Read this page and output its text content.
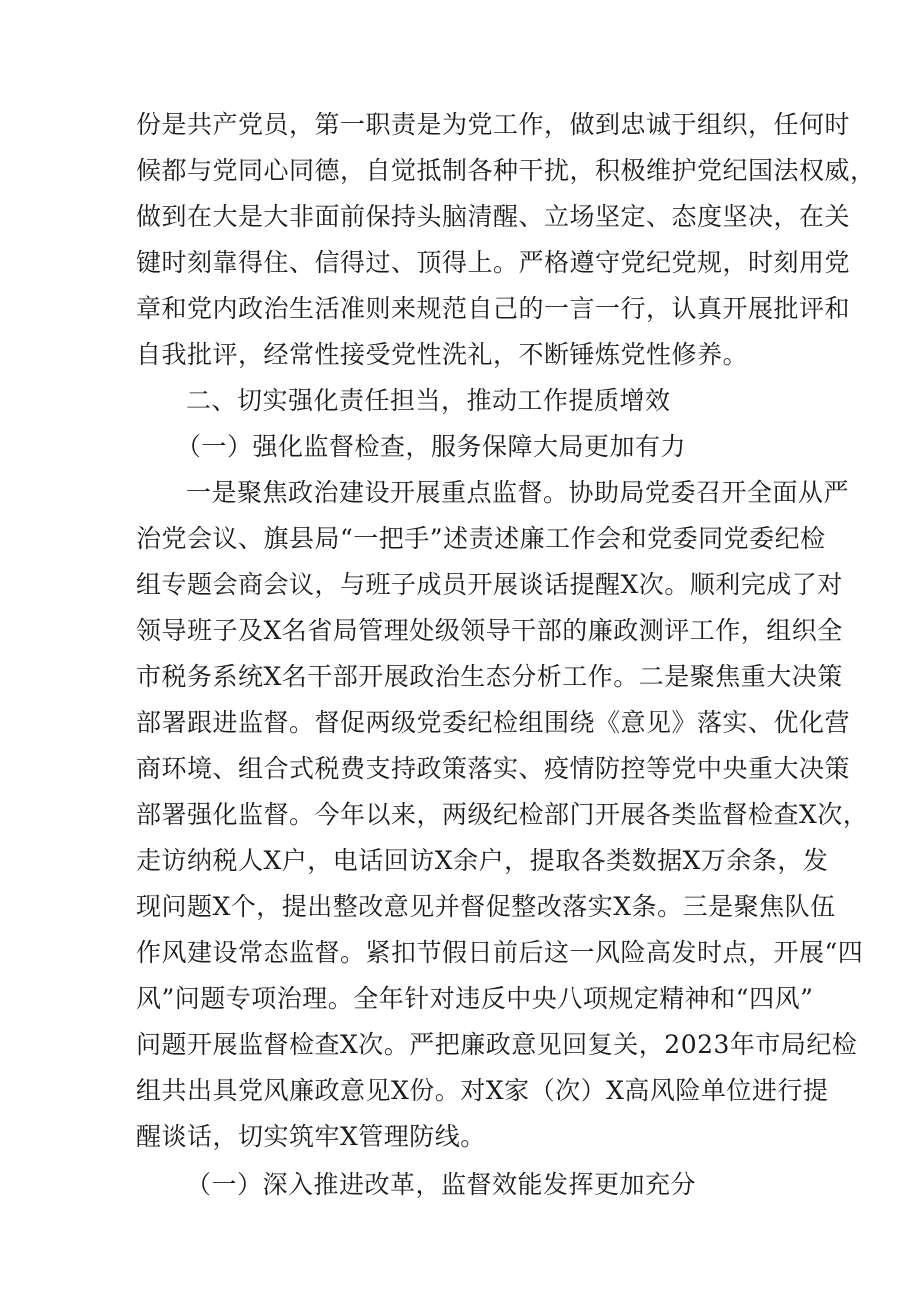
份是共产党员，第一职责是为党工作，做到忠诚于组织，任何时
候都与党同心同德，自觉抵制各种干扰，积极维护党纪国法权威，
做到在大是大非面前保持头脑清醒、立场坚定、态度坚决，在关
键时刻靠得住、信得过、顶得上。严格遵守党纪党规，时刻用党
章和党内政治生活准则来规范自己的一言一行，认真开展批评和
自我批评，经常性接受党性洗礼，不断锤炼党性修养。
二、切实强化责任担当，推动工作提质增效
（一）强化监督检查，服务保障大局更加有力
一是聚焦政治建设开展重点监督。协助局党委召开全面从严
治党会议、旗县局“一把手”述责述廉工作会和党委同党委纪检
组专题会商会议，与班子成员开展谈话提醒X次。顺利完成了对
领导班子及X名省局管理处级领导干部的廉政测评工作，组织全
市税务系统X名干部开展政治生态分析工作。二是聚焦重大决策
部署跟进监督。督促两级党委纪检组围绕《意见》落实、优化营
商环境、组合式税费支持政策落实、疫情防控等党中央重大决策
部署强化监督。今年以来，两级纪检部门开展各类监督检查X次，
走访纳税人X户，电话回访X余户，提取各类数据X万余条，发
现问题X个，提出整改意见并督促整改落实X条。三是聚焦队伍
作风建设常态监督。紧扣节假日前后这一风险高发时点，开展“四
风”问题专项治理。全年针对违反中央八项规定精神和“四风”
问题开展监督检查X次。严把廉政意见回复关，2023年市局纪检
组共出具党风廉政意见X份。对X家（次）X高风险单位进行提
醒谈话，切实筑牢X管理防线。
（一）深入推进改革，监督效能发挥更加充分
